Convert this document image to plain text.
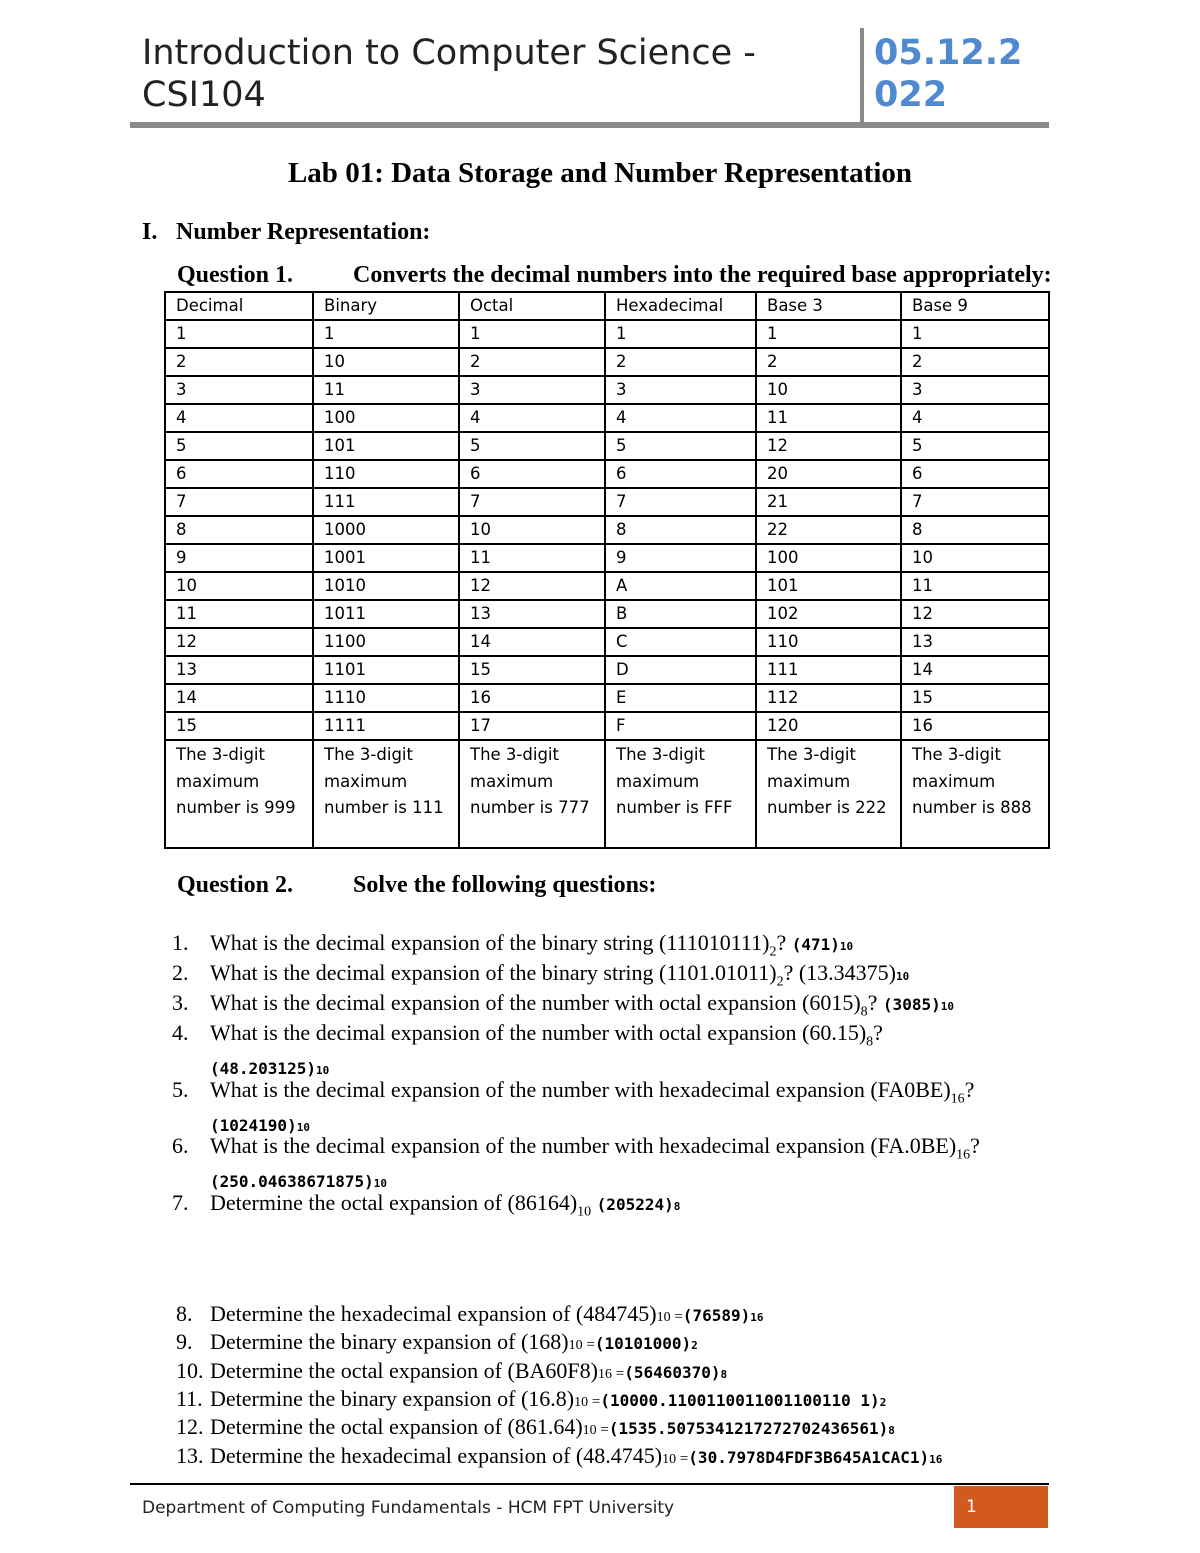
Introduction to Computer Science -
CSI104
05.12.2
022
Lab 01: Data Storage and Number Representation
I. Number Representation:
Question 1. Converts the decimal numbers into the required base appropriately:
Decimal	Binary	Octal	Hexadecimal	Base 3	Base 9
1	1	1	1	1	1
2	10	2	2	2	2
3	11	3	3	10	3
4	100	4	4	11	4
5	101	5	5	12	5
6	110	6	6	20	6
7	111	7	7	21	7
8	1000	10	8	22	8
9	1001	11	9	100	10
10	1010	12	A	101	11
11	1011	13	B	102	12
12	1100	14	C	110	13
13	1101	15	D	111	14
14	1110	16	E	112	15
15	1111	17	F	120	16
The 3-digit maximum number is 999	The 3-digit maximum number is 111	The 3-digit maximum number is 777	The 3-digit maximum number is FFF	The 3-digit maximum number is 222	The 3-digit maximum number is 888
Question 2. Solve the following questions:
1. What is the decimal expansion of the binary string $(111010111)_2$? (471)10
2. What is the decimal expansion of the binary string $(1101.01011)_2$? (13.34375)10
3. What is the decimal expansion of the number with octal expansion $(6015)_8$? (3085)10
4. What is the decimal expansion of the number with octal expansion $(60.15)_8$?
(48.203125)10
5. What is the decimal expansion of the number with hexadecimal expansion $(FA0BE)_{16}$?
(1024190)10
6. What is the decimal expansion of the number with hexadecimal expansion $(FA.0BE)_{16}$?
(250.04638671875)10
7. Determine the octal expansion of $(86164)_{10}$ (205224)8
8. Determine the hexadecimal expansion of (484745)10 =(76589)16
9. Determine the binary expansion of (168)10 =(10101000)2
10. Determine the octal expansion of (BA60F8)16 =(56460370)8
11. Determine the binary expansion of (16.8)10 =(10000.1100110011001100110 1)2
12. Determine the octal expansion of (861.64)10 =(1535.5075341217272702436561)8
13. Determine the hexadecimal expansion of (48.4745)10 =(30.7978D4FDF3B645A1CAC1)16
Department of Computing Fundamentals - HCM FPT University	1
